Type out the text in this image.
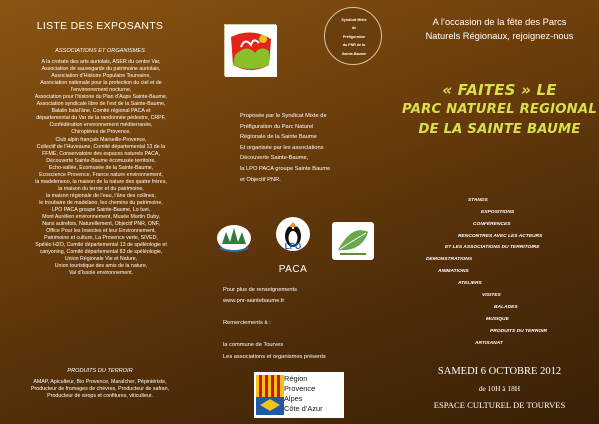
LISTE DES EXPOSANTS
ASSOCIATIONS ET ORGANISMES
A la croisée des arts auriolais, ASER du centre Var,
Association de sauvegarde du patrimoine auriolais,
Association d’Histoire Populaire Tourvaine,
Association nationale pour la protection du ciel et de
l’environnement nocturne,
Association pour l’histoire du Plan d’Aups Sainte-Baume,
Association syndicale libre de l’est de la Sainte-Baume,
Balalin balal’âne, Comité régional PACA et
départemental du Var de la randonnée pédestre, CRPF,
Confédération environnement méditerranée,
Chiroptères de Provence,
Club alpin français Marseille-Provence,
Collectif de l’Huveaune, Comité départemental 13 de la
FFME, Conservatoire des espaces naturels PACA,
Découverte Sainte-Baume écomusée territoire,
Echo-vallée, Ecomusée de la Sainte-Baume,
Ecoscience Provence, France nature environnement,
la madeleneoo, la maison de la nature des quatre frères,
la maison du terroir et du patrimoine,
la maison régionale de l’eau, l’âne des collines,
le troubaire de madelano, les chemins du patrimoine,
LPO PACA groupe Sainte-Baume, Lo tuei,
Mont Aurélien environnement, Musée Martin Duby,
Nans autrefois, Naturellement, Objectif PNR, ONF,
Office Pour les Insectes et leur Environnement,
Patrimoine et culture, La Provence verte, SIVED,
Spéléo H2O, Comité départemental 13 de spéléologie et
canyoning, Comité départemental 83 de spéléologie,
Union Régionale Vie et Nature,
Union touristique des amis de la nature,
Val d’Issole environnement.
PRODUITS DU TERROIR
AMAP, Apiculteur, Bio Provence, Maraîcher, Pépiniériste,
Producteur de fromages de chèvres, Producteur de safran,
Producteur de sirops et confitures, viticulteur.
Syndicat Mixte
de
Préfiguration
du PNR de la
Sainte-Baume
Proposée par le Syndicat Mixte de
Préfiguration du Parc Naturel
Régionale de la Sainte Baume
Et organisée par les associations
Découverte Sainte-Baume,
la LPO PACA groupe Sainte Baume
et Objectif PNR.
LPO
PACA
Pour plus de renseignements
www.pnr-saintebaume.fr

Remerciements à :

la commune de Tourves
Les associations et organismes présents
Région
Provence
Alpes
Côte d’Azur
A l’occasion de la fête des Parcs
Naturels Régionaux, rejoignez-nous
« FAITES » LE
PARC NATUREL REGIONAL
DE LA SAINTE BAUME
STANDS
EXPOSITIONS
CONFÉRENCES
RENCONTRES AVEC LES ACTEURS
ET LES ASSOCIATIONS DU TERRITOIRE
DEMONSTRATIONS
ANIMATIONS
ATELIERS
VISITES
BALADES
MUSIQUE
PRODUITS DU TERROIR
ARTISANAT
SAMEDI 6 OCTOBRE 2012
de 10H à 18H
ESPACE CULTUREL DE TOURVES
